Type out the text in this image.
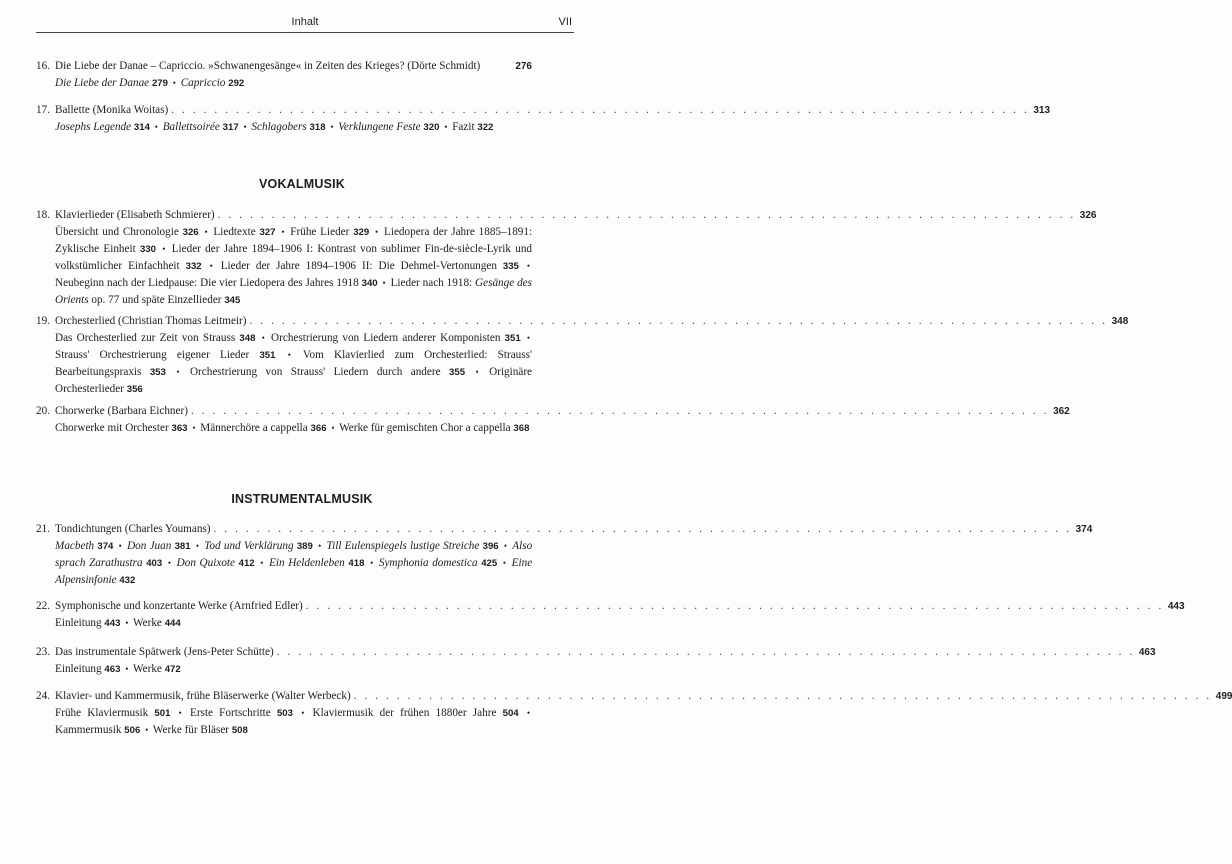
Inhalt	VII
VOKALMUSIK
INSTRUMENTALMUSIK
16. Die Liebe der Danae – Capriccio. »Schwanengesänge« in Zeiten des Krieges? (Dörte Schmidt)	276
Die Liebe der Danae 279 • Capriccio 292
17. Ballette (Monika Woitas) . . . . . . . . . . . . . . . . . . . . . . . . . . . . . . . . . . . . . . . . . . . . . . . . . . . . . . . . . . . . . . . . . . . . . . . . . . . . . . . . 313
Josephs Legende 314 • Ballettsoirée 317 • Schlagobers 318 • Verklungene Feste 320 • Fazit 322
18. Klavierlieder (Elisabeth Schmierer) . . . . . . . . . . . . . . . . . . . . . . . . . . . . . . . . . . . . . . . . . . . . . . . . . . . . . . . . . . . . . . . . . . . . . . . . . . . . . . . . 326
Übersicht und Chronologie 326 • Liedtexte 327 • Frühe Lieder 329 • Liedopera der Jahre 1885–1891: Zyklische Einheit 330 • Lieder der Jahre 1894–1906 I: Kontrast von sublimer Fin-de-siècle-Lyrik und volkstümlicher Einfachheit 332 • Lieder der Jahre 1894–1906 II: Die Dehmel-Vertonungen 335 • Neubeginn nach der Liedpause: Die vier Liedopera des Jahres 1918 340 • Lieder nach 1918: Gesänge des Orients op. 77 und späte Einzellieder 345
19. Orchesterlied (Christian Thomas Leitmeir) . . . . . . . . . . . . . . . . . . . . . . . . . . . . . . . . . . . . . . . . . . . . . . . . . . . . . . . . . . . . . . . . . . . . . . . . . . . . . . . . 348
Das Orchesterlied zur Zeit von Strauss 348 • Orchestrierung von Liedern anderer Komponisten 351 • Strauss' Orchestrierung eigener Lieder 351 • Vom Klavierlied zum Orchesterlied: Strauss' Bearbeitungspraxis 353 • Orchestrierung von Strauss' Liedern durch andere 355 • Originäre Orchesterlieder 356
20. Chorwerke (Barbara Eichner) . . . . . . . . . . . . . . . . . . . . . . . . . . . . . . . . . . . . . . . . . . . . . . . . . . . . . . . . . . . . . . . . . . . . . . . . . . . . . . . . 362
Chorwerke mit Orchester 363 • Männerchöre a cappella 366 • Werke für gemischten Chor a cappella 368
21. Tondichtungen (Charles Youmans) . . . . . . . . . . . . . . . . . . . . . . . . . . . . . . . . . . . . . . . . . . . . . . . . . . . . . . . . . . . . . . . . . . . . . . . . . . . . . . . . 374
Macbeth 374 • Don Juan 381 • Tod und Verklärung 389 • Till Eulenspiegels lustige Streiche 396 • Also sprach Zarathustra 403 • Don Quixote 412 • Ein Heldenleben 418 • Symphonia domestica 425 • Eine Alpensinfonie 432
22. Symphonische und konzertante Werke (Arnfried Edler) . . . . . . . . . . . . . . . . . . . . . . . . . . . . . . . . . . . . . . . . . . . . . . . . . . . . . . . . . . . . . . . . . . . . . . . . . . . . . . . . 443
Einleitung 443 • Werke 444
23. Das instrumentale Spätwerk (Jens-Peter Schütte) . . . . . . . . . . . . . . . . . . . . . . . . . . . . . . . . . . . . . . . . . . . . . . . . . . . . . . . . . . . . . . . . . . . . . . . . . . . . . . . . 463
Einleitung 463 • Werke 472
24. Klavier- und Kammermusik, frühe Bläserwerke (Walter Werbeck) . . . . . . . . . . . . . . . . . . . . . . . . . . . . . . . . . . . . . . . . . . . . . . . . . . . . . . . . . . . . . . . . . . . . . . . . . . . . . . . . 499
Frühe Klaviermusik 501 • Erste Fortschritte 503 • Klaviermusik der frühen 1880er Jahre 504 • Kammermusik 506 • Werke für Bläser 508
